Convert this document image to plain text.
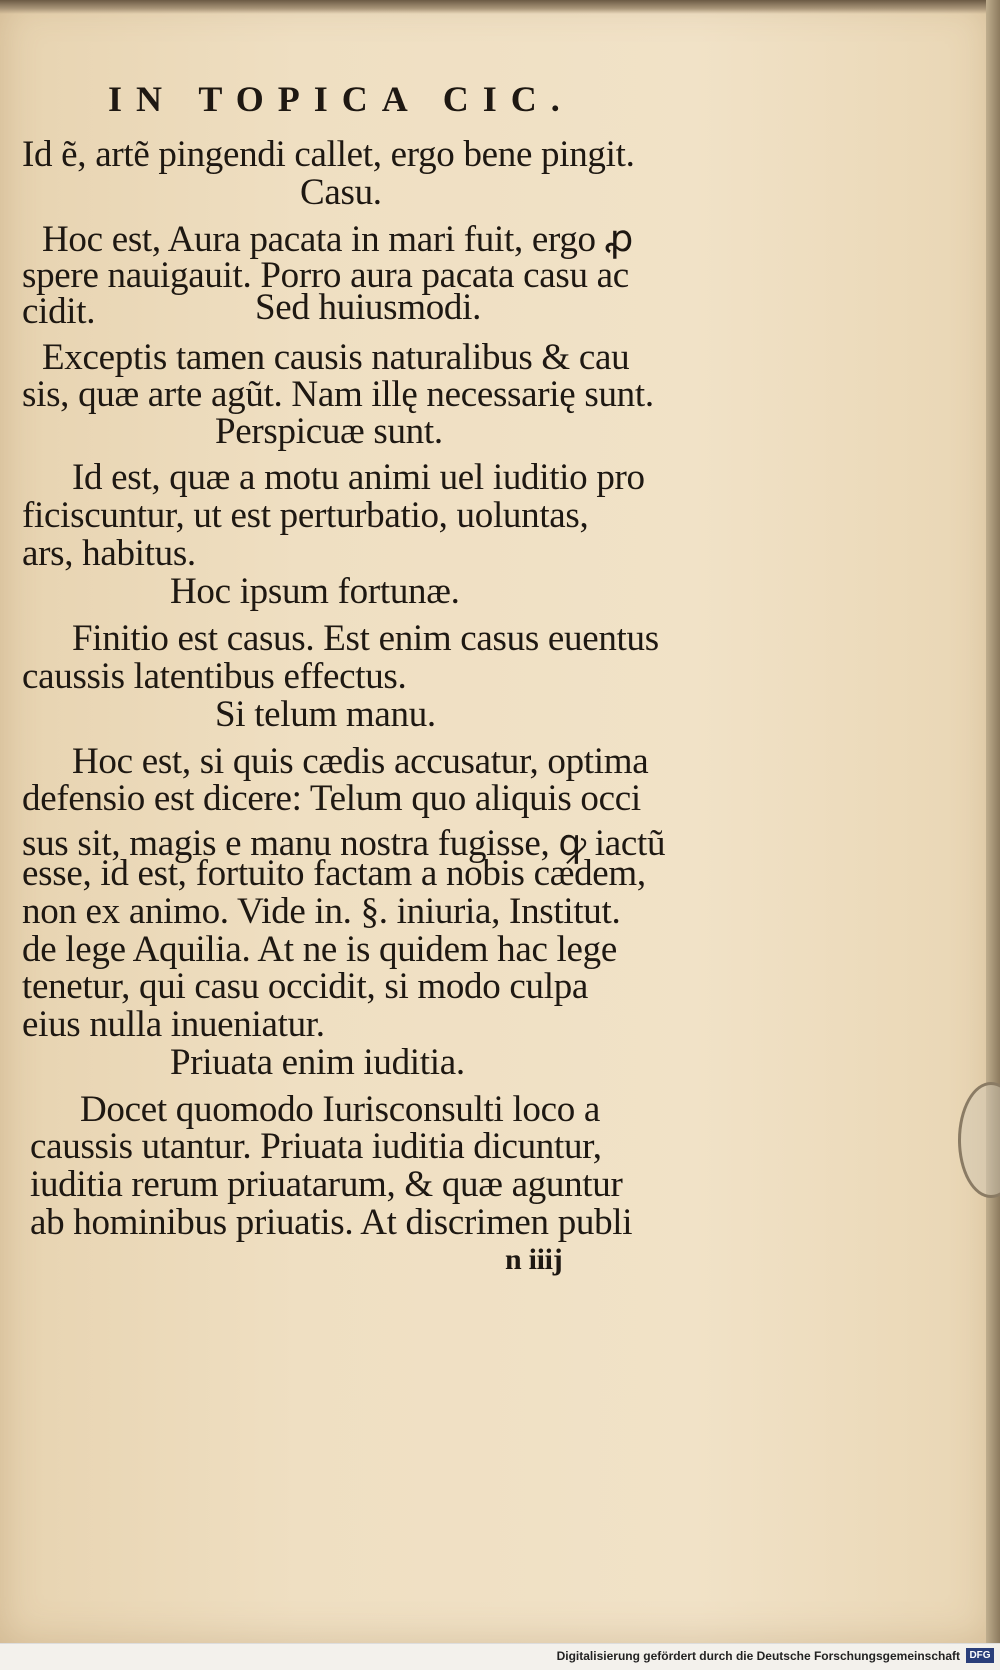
IN TOPICA CIC.
Id ẽ, artẽ pingendi callet, ergo bene pingit.
Casu.
Hoc est, Aura pacata in mari fuit, ergo ꝓ
spere nauigauit. Porro aura pacata casu ac
cidit.	Sed huiusmodi.
Exceptis tamen causis naturalibus & cau
sis, quæ arte agũt. Nam illę necessarię sunt.
Perspicuæ sunt.
Id est, quæ a motu animi uel iuditio pro
ficiscuntur, ut est perturbatio, uoluntas,
ars, habitus.
Hoc ipsum fortunæ.
Finitio est casus. Est enim casus euentus
caussis latentibus effectus.
Si telum manu.
Hoc est, si quis cædis accusatur, optima
defensio est dicere: Telum quo aliquis occi
sus sit, magis e manu nostra fugisse, ꝙ iactũ
esse, id est, fortuito factam a nobis cædem,
non ex animo. Vide in. §. iniuria, Institut.
de lege Aquilia. At ne is quidem hac lege
tenetur, qui casu occidit, si modo culpa
eius nulla inueniatur.
Priuata enim iuditia.
Docet quomodo Iurisconsulti loco a
caussis utantur. Priuata iuditia dicuntur,
iuditia rerum priuatarum, & quæ aguntur
ab hominibus priuatis. At discrimen publi
n iiij
Digitalisierung gefördert durch die Deutsche Forschungsgemeinschaft DFG
